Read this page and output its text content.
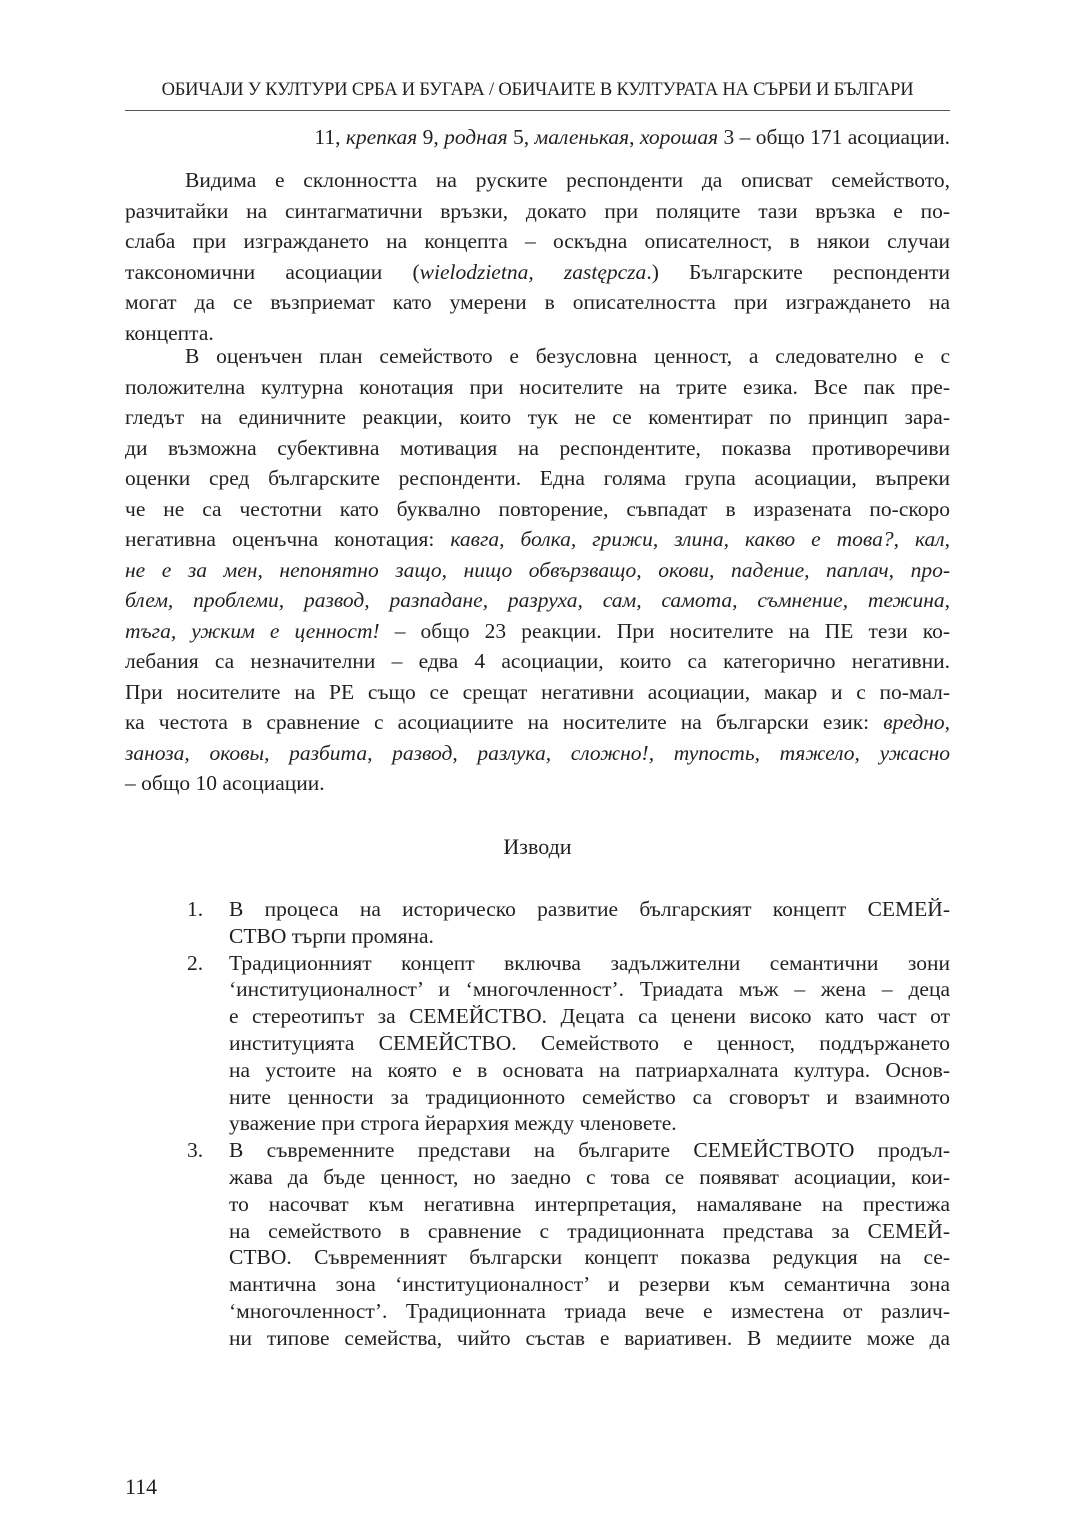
ОБИЧАЈИ У КУЛТУРИ СРБА И БУГАРА / ОБИЧАИТЕ В КУЛТУРАТА НА СЪРБИ И БЪЛГАРИ
11, крепкая 9, родная 5, маленькая, хорошая 3 – общо 171 асоциации.
Видима е склонността на руските респонденти да описват семейството,
разчитайки на синтагматични връзки, докато при поляците тази връзка е по-
слаба при изграждането на концепта – оскъдна описателност, в някои случаи
таксономични асоциации (wielodzietna, zastępcza.) Българските респонденти
могат да се възприемат като умерени в описателността при изграждането на
концепта.
В оценъчен план семейството е безусловна ценност, а следователно е с
положителна културна конотация при носителите на трите езика. Все пак пре-
гледът на единичните реакции, които тук не се коментират по принцип зара-
ди възможна субективна мотивация на респондентите, показва противоречиви
оценки сред българските респонденти. Една голяма група асоциации, въпреки
че не са честотни като буквално повторение, съвпадат в изразената по-скоро
негативна оценъчна конотация: кавга, болка, грижи, злина, какво е това?, кал,
не е за мен, непонятно защо, нищо обвързващо, окови, падение, паплач, про-
блем, проблеми, развод, разпадане, разруха, сам, самота, съмнение, тежина,
тъга, ужким е ценност! – общо 23 реакции. При носителите на ПЕ тези ко-
лебания са незначителни – едва 4 асоциации, които са категорично негативни.
При носителите на РЕ също се срещат негативни асоциации, макар и с по-мал-
ка честота в сравнение с асоциациите на носителите на български език: вредно,
заноза, оковы, разбита, развод, разлука, сложно!, тупость, тяжело, ужасно
– общо 10 асоциации.
Изводи
1. В процеса на историческо развитие българският концепт СЕМЕЙ-
СТВО търпи промяна.
2. Традиционният концепт включва задължителни семантични зони
‘институционалност’ и ‘многочленност’. Триадата мъж – жена – деца
е стереотипът за СЕМЕЙСТВО. Децата са ценени високо като част от
институцията СЕМЕЙСТВО. Семейството е ценност, поддържането
на устоите на която е в основата на патриархалната култура. Основ-
ните ценности за традиционното семейство са сговорът и взаимното
уважение при строга йерархия между членовете.
3. В съвременните представи на българите СЕМЕЙСТВОТО продъл-
жава да бъде ценност, но заедно с това се появяват асоциации, кои-
то насочват към негативна интерпретация, намаляване на престижа
на семейството в сравнение с традиционната представа за СЕМЕЙ-
СТВО. Съвременният български концепт показва редукция на се-
мантична зона ‘институционалност’ и резерви към семантична зона
‘многочленност’. Традиционната триада вече е изместена от различ-
ни типове семейства, чийто състав е вариативен. В медиите може да
114
